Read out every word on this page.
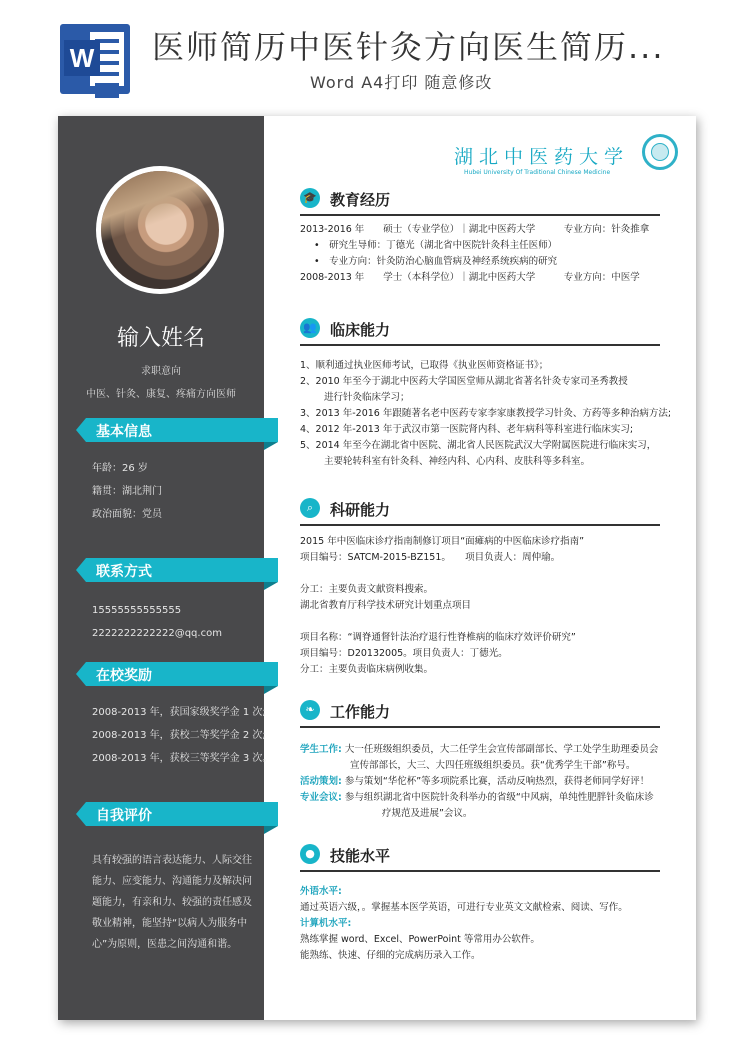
W 医师简历中医针灸方向医生简历...
Word A4打印 随意修改
输入姓名
求职意向
中医、针灸、康复、疼痛方向医师
基本信息
年龄：26 岁
籍贯：湖北荆门
政治面貌：党员
联系方式
15555555555555
2222222222222@qq.com
在校奖励
2008-2013 年，获国家级奖学金 1 次;
2008-2013 年，获校二等奖学金 2 次;
2008-2013 年，获校三等奖学金 3 次。
自我评价
具有较强的语言表达能力、人际交往
能力、应变能力、沟通能力及解决问
题能力，有亲和力、较强的责任感及
敬业精神，能坚持“以病人为服务中
心”为原则，医患之间沟通和谐。
湖北中医药大学
Hubei University Of Traditional Chinese Medicine
🎓 教育经历
2013-2016 年　　硕士（专业学位）｜湖北中医药大学　　　专业方向：针灸推拿
•　研究生导师：丁德光（湖北省中医院针灸科主任医师）
•　专业方向：针灸防治心脑血管病及神经系统疾病的研究
2008-2013 年　　学士（本科学位）｜湖北中医药大学　　　专业方向：中医学
👥 临床能力
1、顺利通过执业医师考试，已取得《执业医师资格证书》；
2、2010 年至今于湖北中医药大学国医堂师从湖北省著名针灸专家司圣秀教授
进行针灸临床学习；
3、2013 年-2016 年跟随著名老中医药专家李家康教授学习针灸、方药等多种治病方法;
4、2012 年-2013 年于武汉市第一医院肾内科、老年病科等科室进行临床实习;
5、2014 年至今在湖北省中医院、湖北省人民医院武汉大学附属医院进行临床实习，
主要轮转科室有针灸科、神经内科、心内科、皮肤科等多科室。
⌕	科研能力
2015 年中医临床诊疗指南制修订项目“面瘫病的中医临床诊疗指南”
项目编号：SATCM-2015-BZ151。　　项目负责人：周仲瑜。
分工：主要负责文献资料搜索。
湖北省教育厅科学技术研究计划重点项目
项目名称：“调脊通督针法治疗退行性脊椎病的临床疗效评价研究”
项目编号：D20132005。项目负责人：丁德光。
分工：主要负责临床病例收集。
❧	工作能力
学生工作: 大一任班级组织委员，大二任学生会宣传部副部长、学工处学生助理委员会
宣传部部长，大三、大四任班级组织委员。获“优秀学生干部”称号。
活动策划: 参与策划“华佗杯”等多项院系比赛，活动反响热烈，获得老师同学好评！
专业会议: 参与组织湖北省中医院针灸科举办的省级“中风病，单纯性肥胖针灸临床诊
疗规范及进展”会议。
●	技能水平
外语水平:
通过英语六级，。掌握基本医学英语，可进行专业英文文献检索、阅读、写作。
计算机水平:
熟练掌握 word、Excel、PowerPoint 等常用办公软件。
能熟练、快速、仔细的完成病历录入工作。
